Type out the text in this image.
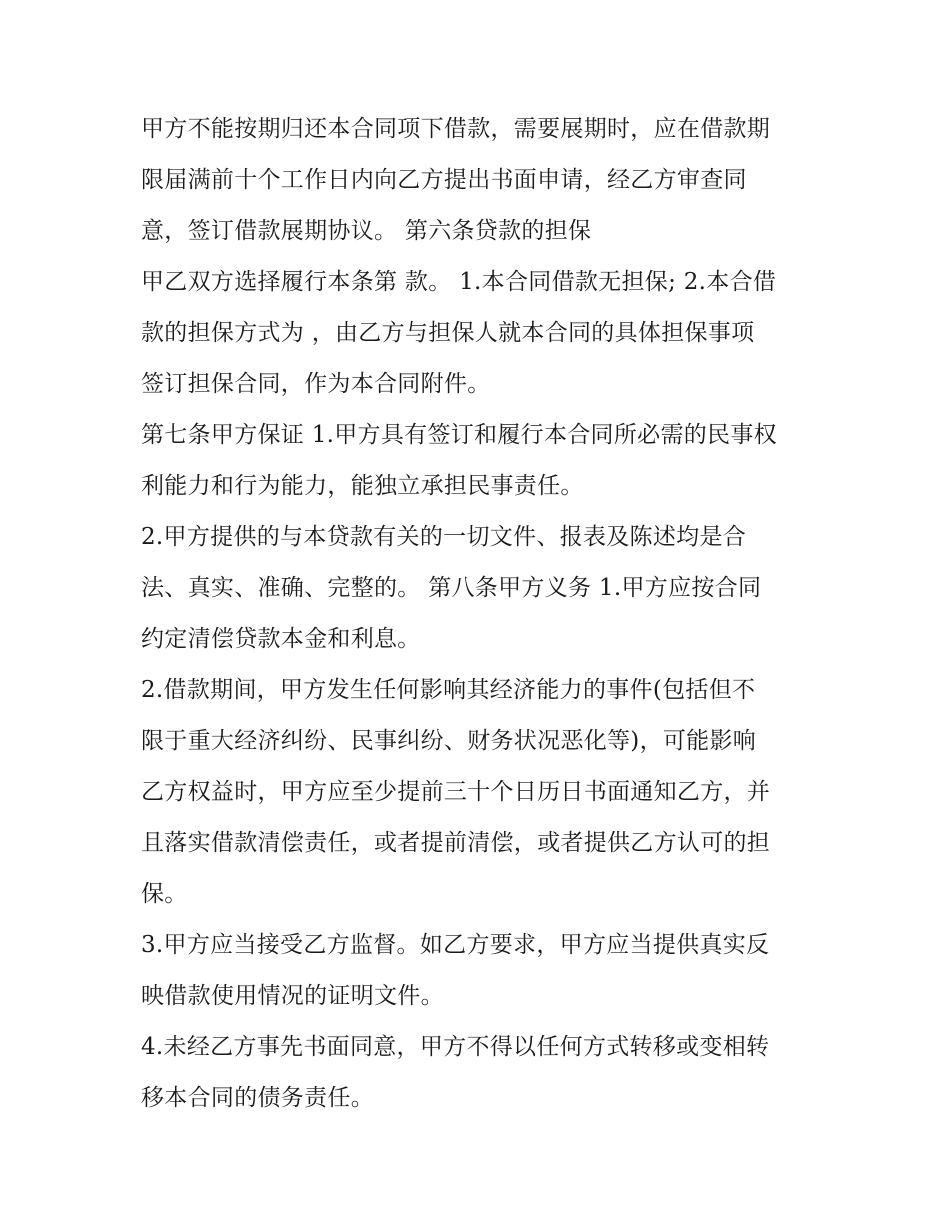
甲方不能按期归还本合同项下借款，需要展期时，应在借款期
限届满前十个工作日内向乙方提出书面申请，经乙方审查同
意，签订借款展期协议。 第六条贷款的担保
甲乙双方选择履行本条第 款。 1.本合同借款无担保; 2.本合借
款的担保方式为 ，由乙方与担保人就本合同的具体担保事项
签订担保合同，作为本合同附件。
第七条甲方保证 1.甲方具有签订和履行本合同所必需的民事权
利能力和行为能力，能独立承担民事责任。
2.甲方提供的与本贷款有关的一切文件、报表及陈述均是合
法、真实、准确、完整的。 第八条甲方义务 1.甲方应按合同
约定清偿贷款本金和利息。
2.借款期间，甲方发生任何影响其经济能力的事件(包括但不
限于重大经济纠纷、民事纠纷、财务状况恶化等)，可能影响
乙方权益时，甲方应至少提前三十个日历日书面通知乙方，并
且落实借款清偿责任，或者提前清偿，或者提供乙方认可的担
保。
3.甲方应当接受乙方监督。如乙方要求，甲方应当提供真实反
映借款使用情况的证明文件。
4.未经乙方事先书面同意，甲方不得以任何方式转移或变相转
移本合同的债务责任。
